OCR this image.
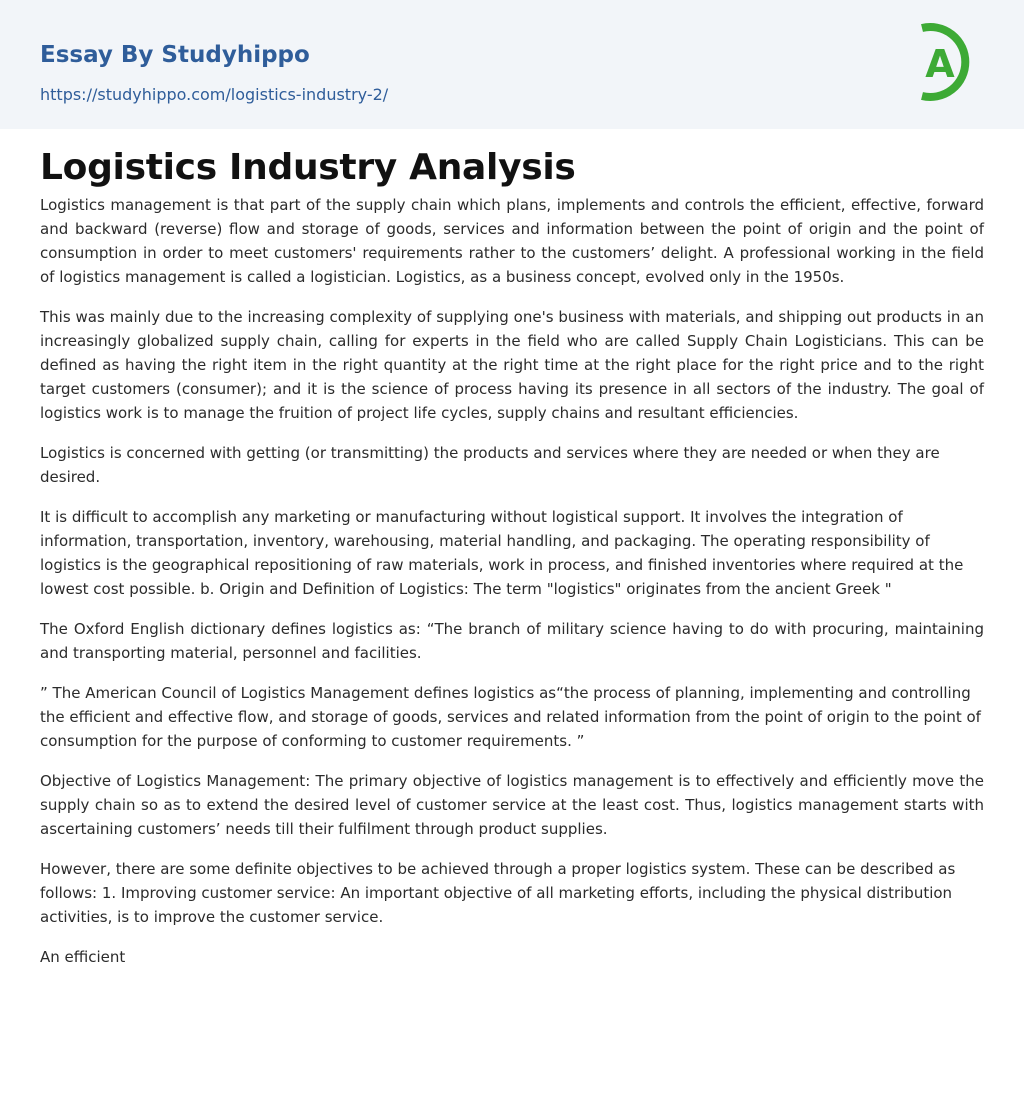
Essay By Studyhippo
https://studyhippo.com/logistics-industry-2/
A
Logistics Industry Analysis

Logistics management is that part of the supply chain which plans, implements and controls the efficient, effective, forward and backward (reverse) flow and storage of goods, services and information between the point of origin and the point of consumption in order to meet customers' requirements rather to the customers’ delight. A professional working in the field of logistics management is called a logistician. Logistics, as a business concept, evolved only in the 1950s.

This was mainly due to the increasing complexity of supplying one's business with materials, and shipping out products in an increasingly globalized supply chain, calling for experts in the field who are called Supply Chain Logisticians. This can be defined as having the right item in the right quantity at the right time at the right place for the right price and to the right target customers (consumer); and it is the science of process having its presence in all sectors of the industry. The goal of logistics work is to manage the fruition of project life cycles, supply chains and resultant efficiencies.

Logistics is concerned with getting (or transmitting) the products and services where they are needed or when they are desired.

It is difficult to accomplish any marketing or manufacturing without logistical support. It involves the integration of information, transportation, inventory, warehousing, material handling, and packaging. The operating responsibility of logistics is the geographical repositioning of raw materials, work in process, and finished inventories where required at the lowest cost possible. b. Origin and Definition of Logistics: The term "logistics" originates from the ancient Greek "

The Oxford English dictionary defines logistics as: “The branch of military science having to do with procuring, maintaining and transporting material, personnel and facilities.

” The American Council of Logistics Management defines logistics as“the process of planning, implementing and controlling the efficient and effective flow, and storage of goods, services and related information from the point of origin to the point of consumption for the purpose of conforming to customer requirements. ”

Objective of Logistics Management: The primary objective of logistics management is to effectively and efficiently move the supply chain so as to extend the desired level of customer service at the least cost. Thus, logistics management starts with ascertaining customers’ needs till their fulfilment through product supplies.

However, there are some definite objectives to be achieved through a proper logistics system. These can be described as follows: 1. Improving customer service: An important objective of all marketing efforts, including the physical distribution activities, is to improve the customer service.

An efficient
